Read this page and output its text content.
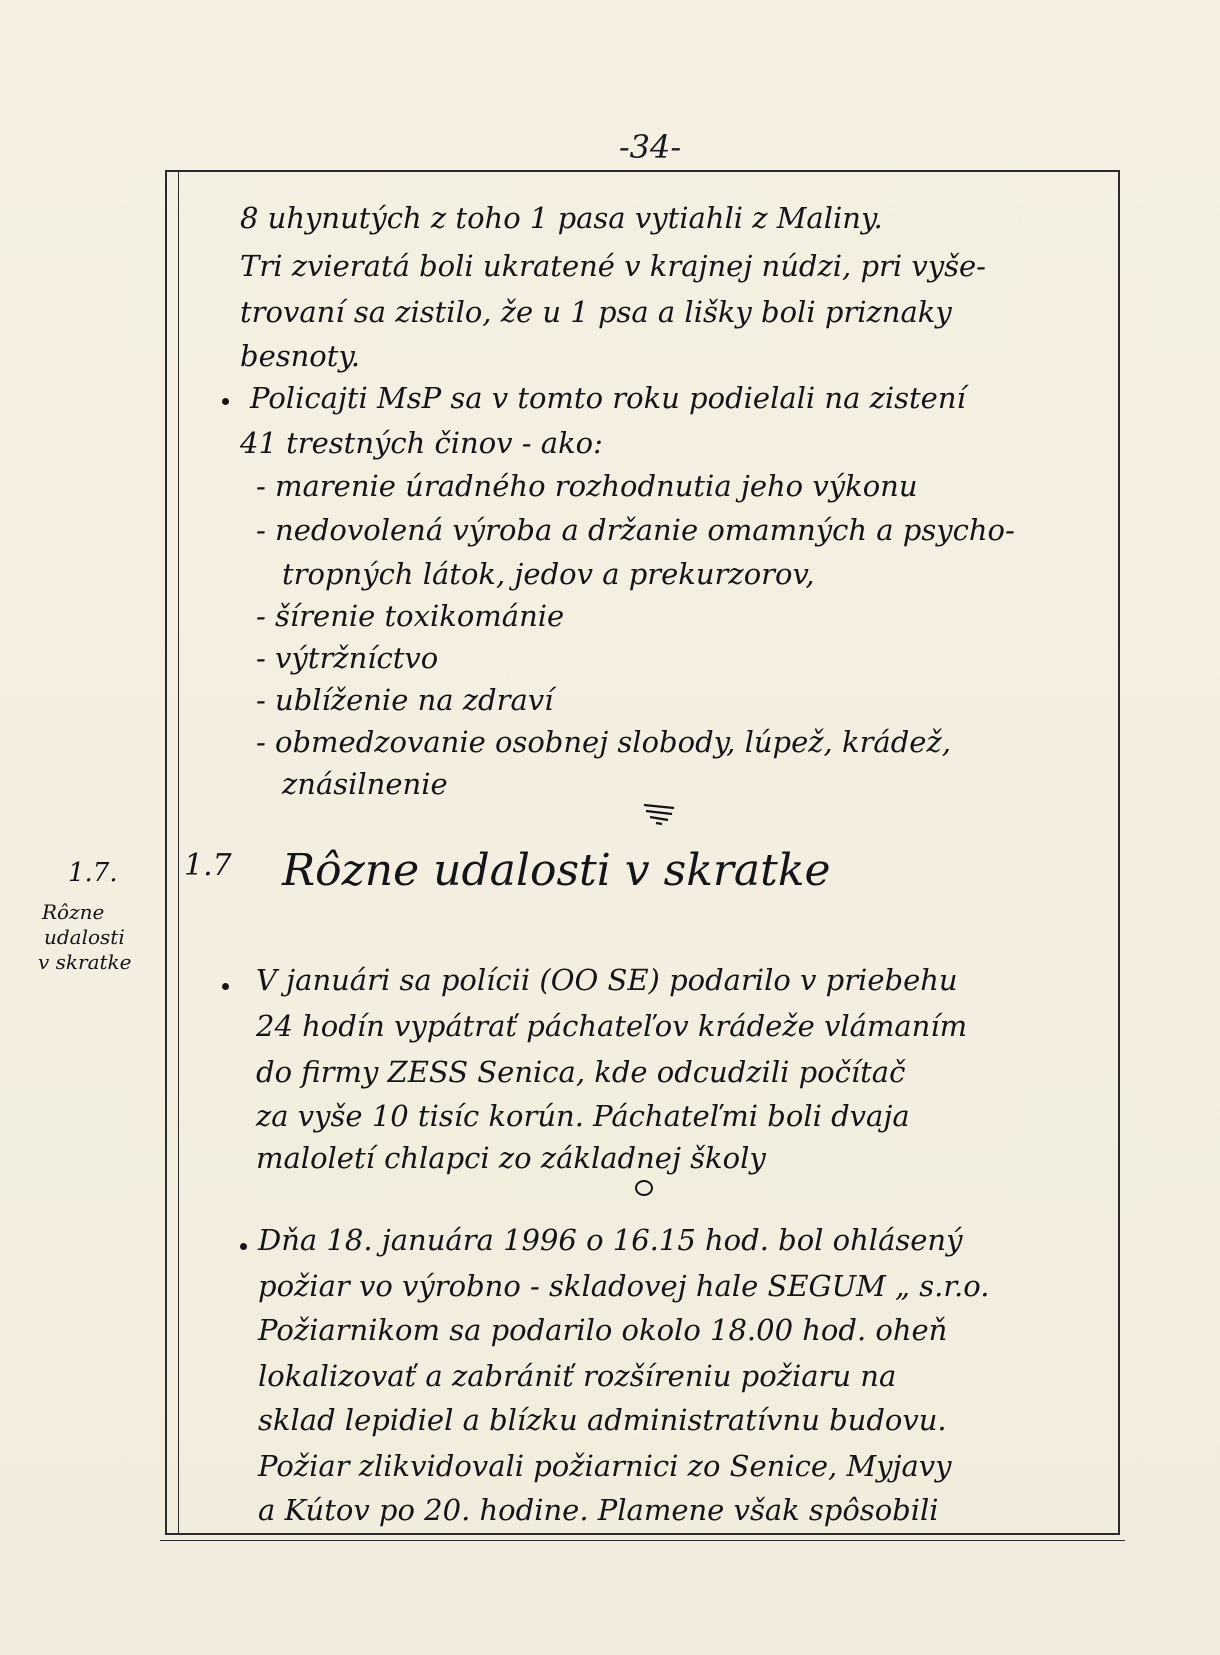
-34-
8 uhynutých z toho 1 pasa vytiahli z Maliny.
Tri zvieratá boli ukratené v krajnej núdzi, pri vyše-
trovaní sa zistilo, že u 1 psa a lišky boli priznaky
besnoty.
Policajti MsP sa v tomto roku podielali na zistení
41 trestných činov - ako:
- marenie úradného rozhodnutia jeho výkonu
- nedovolená výroba a držanie omamných a psycho-
tropných látok, jedov a prekurzorov,
- šírenie toxikománie
- výtržníctvo
- ublíženie na zdraví
- obmedzovanie osobnej slobody, lúpež, krádež,
znásilnenie
1.7.
Rôzne
udalosti
v skratke
1.7 Rôzne udalosti v skratke
V januári sa polícii (OO SE) podarilo v priebehu
24 hodín vypátrať páchateľov krádeže vlámaním
do firmy ZESS Senica, kde odcudzili počítač
za vyše 10 tisíc korún. Páchateľmi boli dvaja
maloletí chlapci zo základnej školy
Dňa 18. januára 1996 o 16.15 hod. bol ohlásený
požiar vo výrobno - skladovej hale SEGUM „ s.r.o.
Požiarnikom sa podarilo okolo 18.00 hod. oheň
lokalizovať a zabrániť rozšíreniu požiaru na
sklad lepidiel a blízku administratívnu budovu.
Požiar zlikvidovali požiarnici zo Senice, Myjavy
a Kútov po 20. hodine. Plamene však spôsobili
